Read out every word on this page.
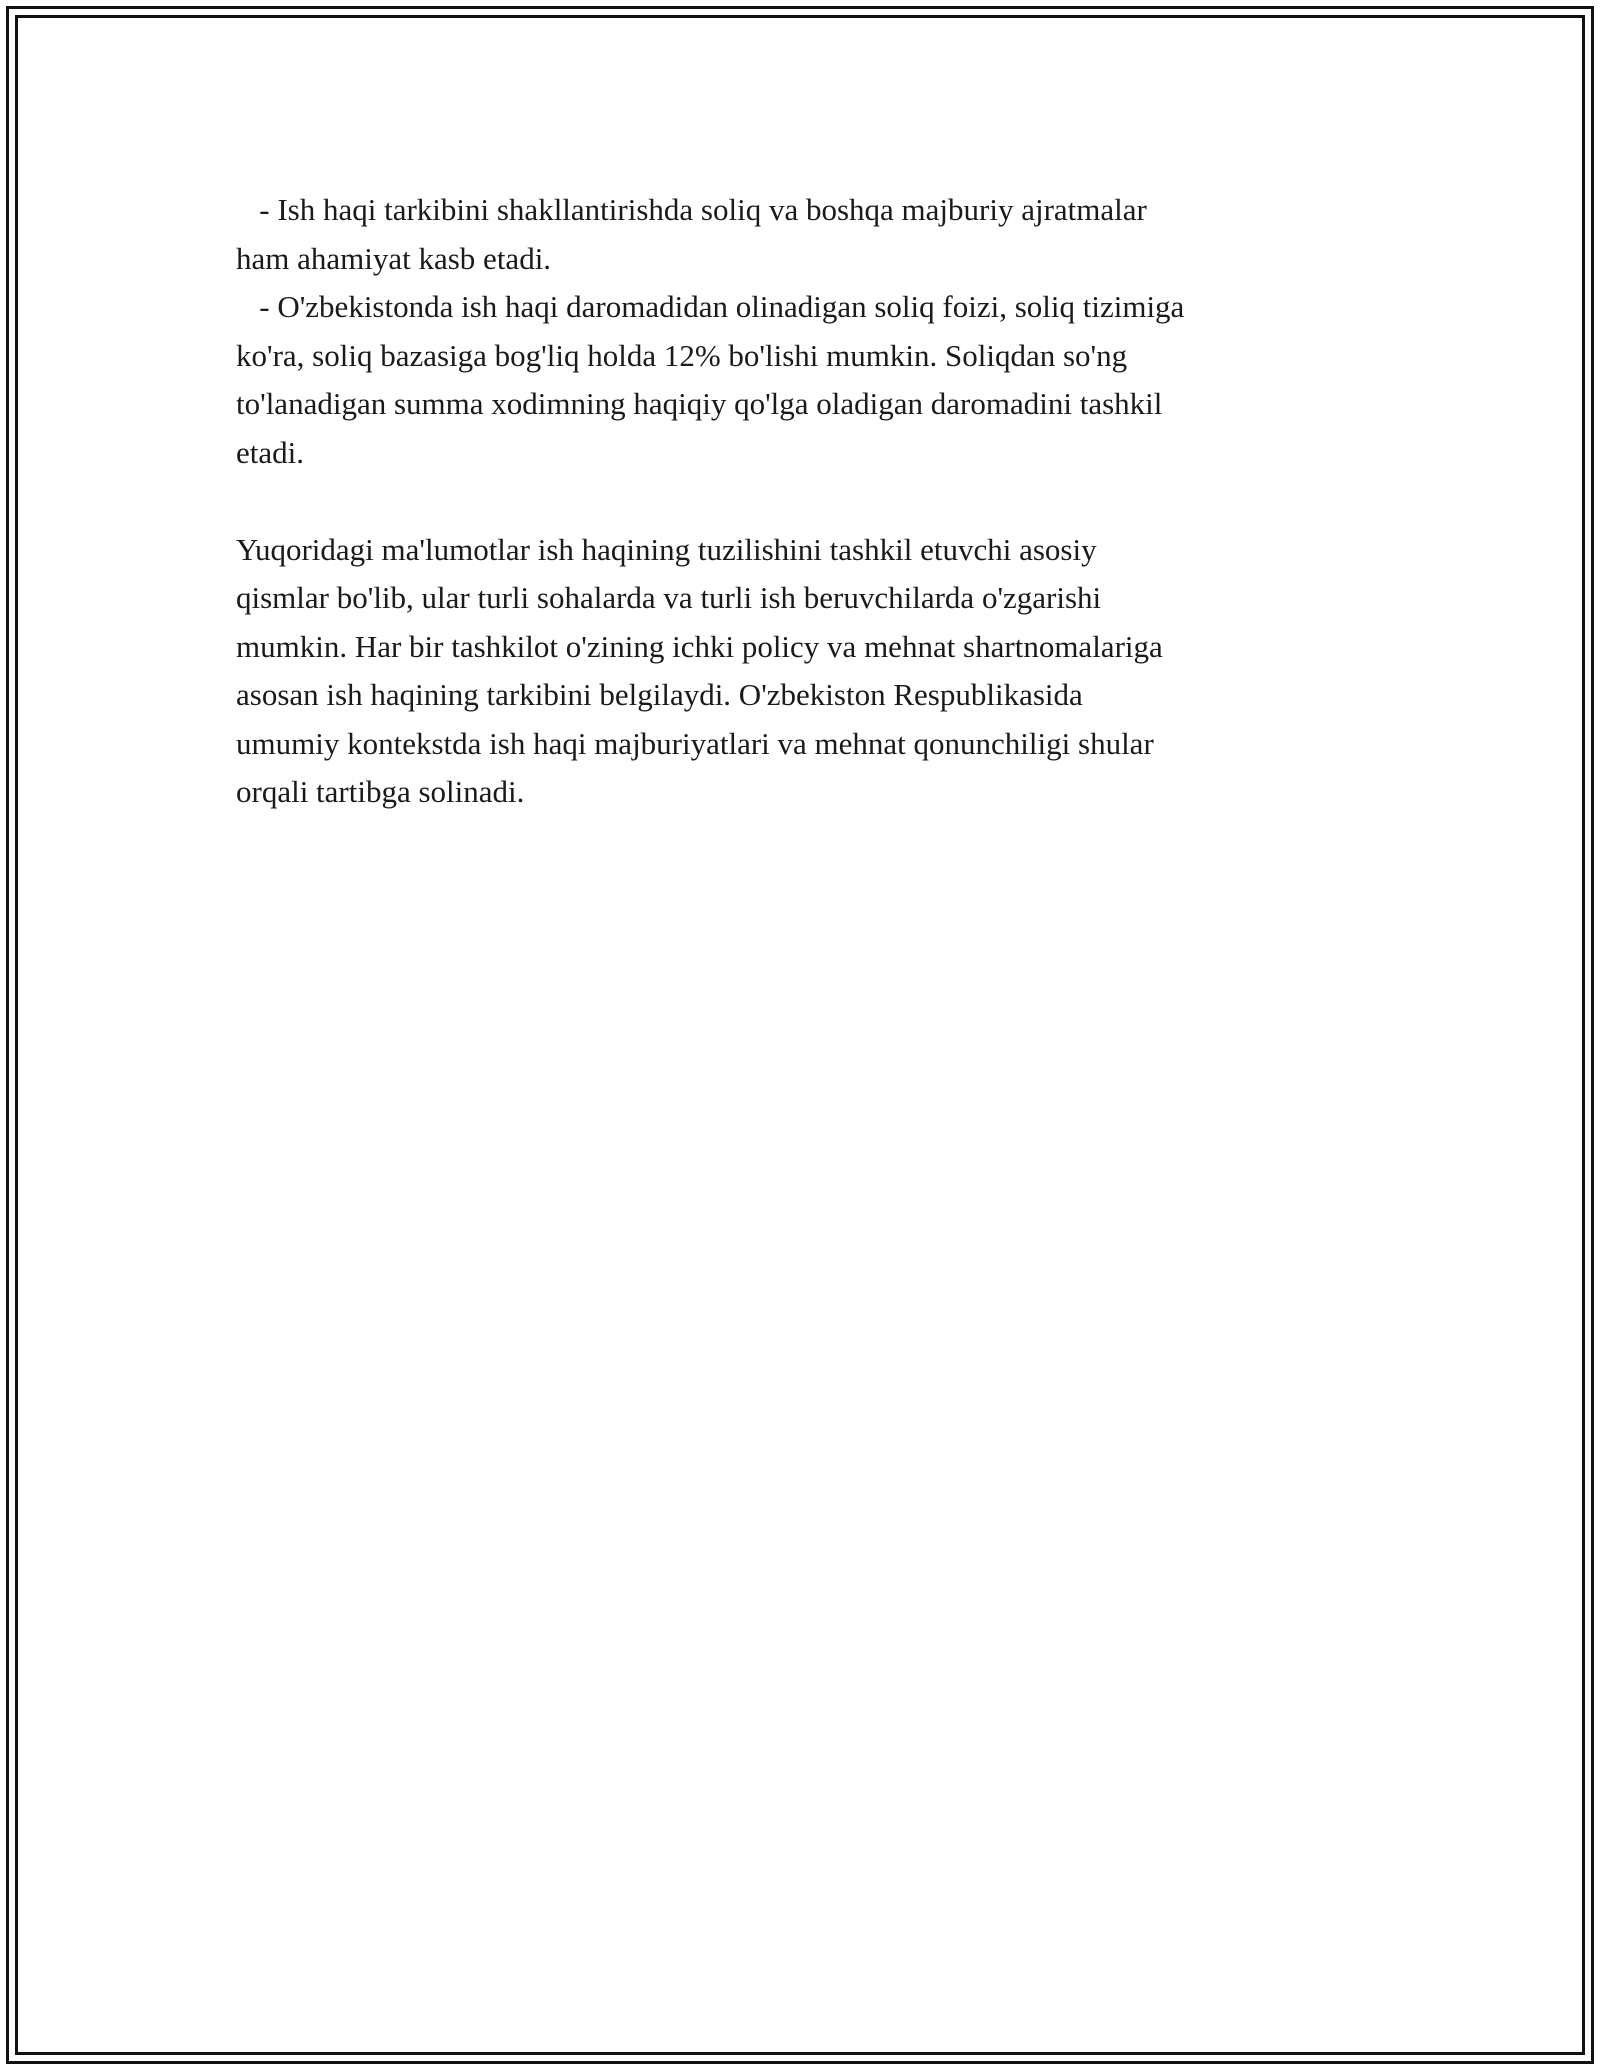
- Ish haqi tarkibini shakllantirishda soliq va boshqa majburiy ajratmalar
ham ahamiyat kasb etadi.
- O'zbekistonda ish haqi daromadidan olinadigan soliq foizi, soliq tizimiga
ko'ra, soliq bazasiga bog'liq holda 12% bo'lishi mumkin. Soliqdan so'ng
to'lanadigan summa xodimning haqiqiy qo'lga oladigan daromadini tashkil
etadi.
Yuqoridagi ma'lumotlar ish haqining tuzilishini tashkil etuvchi asosiy
qismlar bo'lib, ular turli sohalarda va turli ish beruvchilarda o'zgarishi
mumkin. Har bir tashkilot o'zining ichki policy va mehnat shartnomalariga
asosan ish haqining tarkibini belgilaydi. O'zbekiston Respublikasida
umumiy kontekstda ish haqi majburiyatlari va mehnat qonunchiligi shular
orqali tartibga solinadi.
